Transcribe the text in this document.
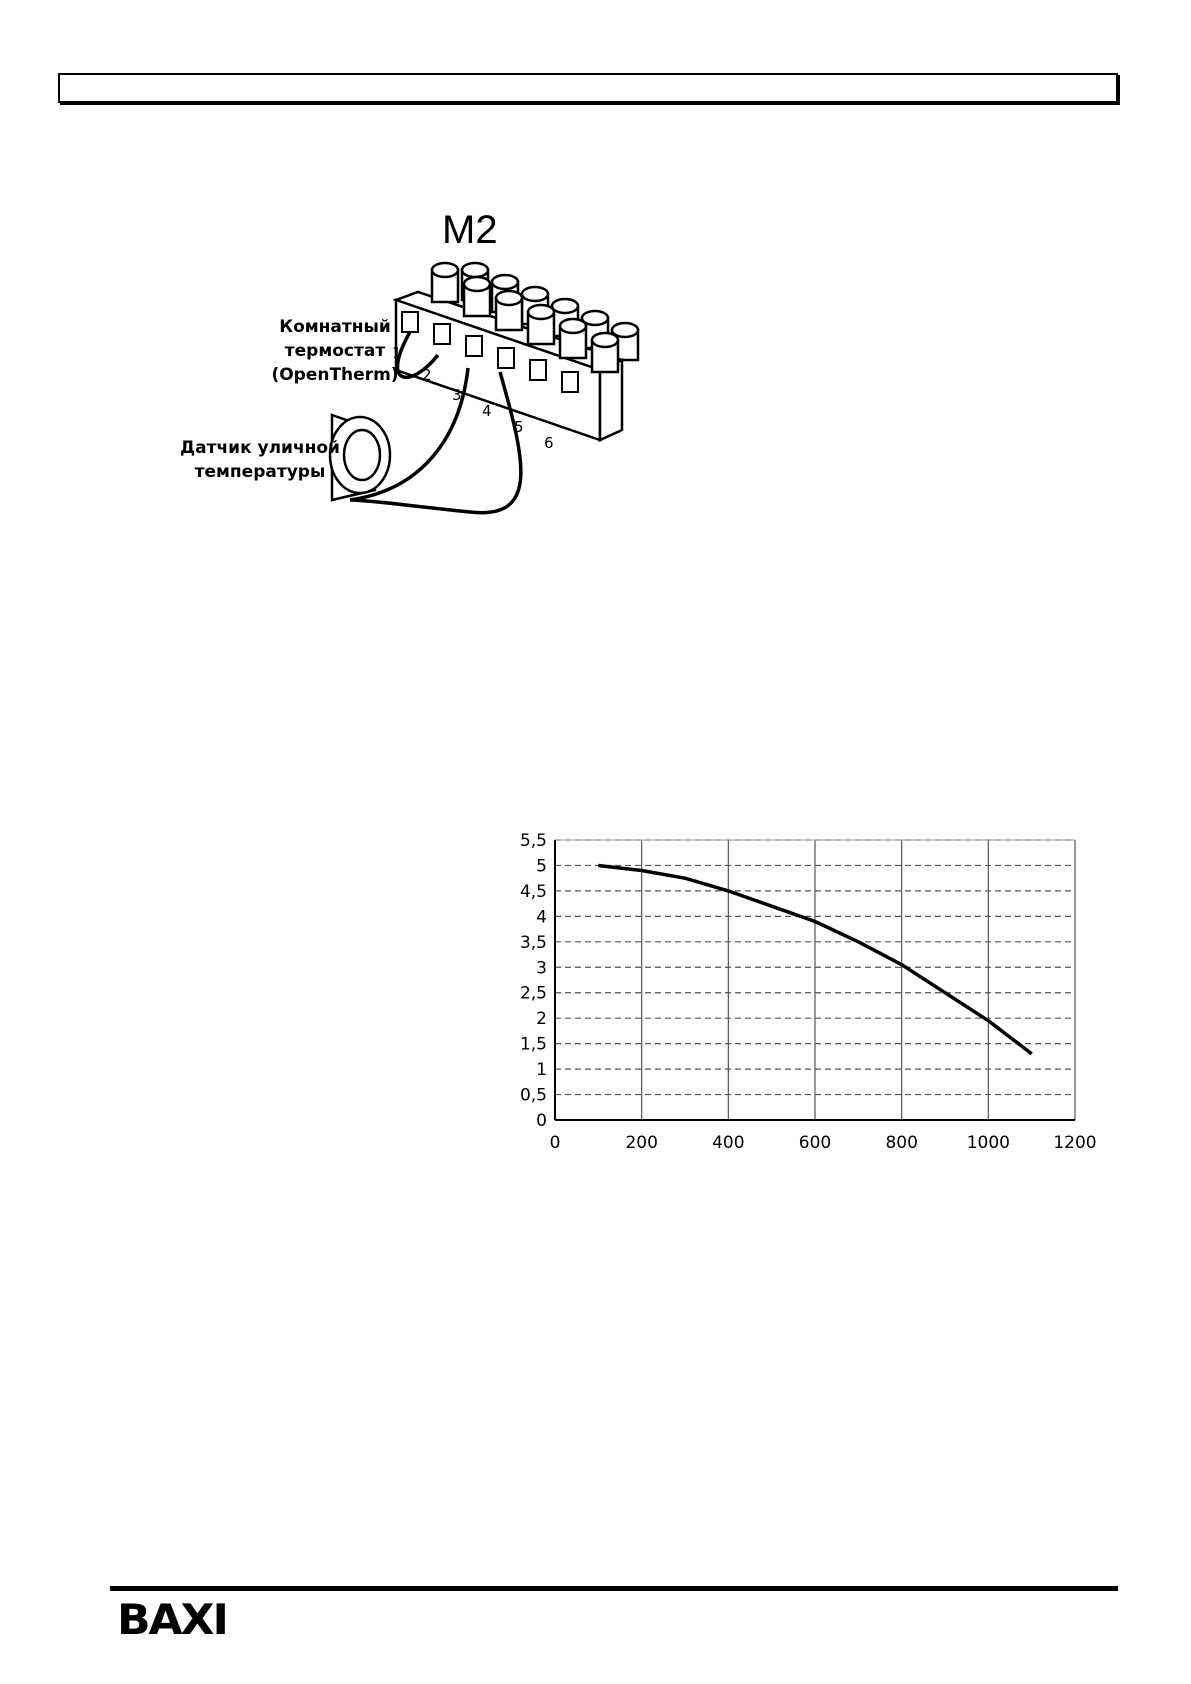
1
2
3
4
5
6
M2
Комнатный
термостат
(OpenTherm)
Датчик уличной
температуры
0
0,5
1
1,5
2
2,5
3
3,5
4
4,5
5
5,5
0	200	400	600	800	1000	1200
BAXI
